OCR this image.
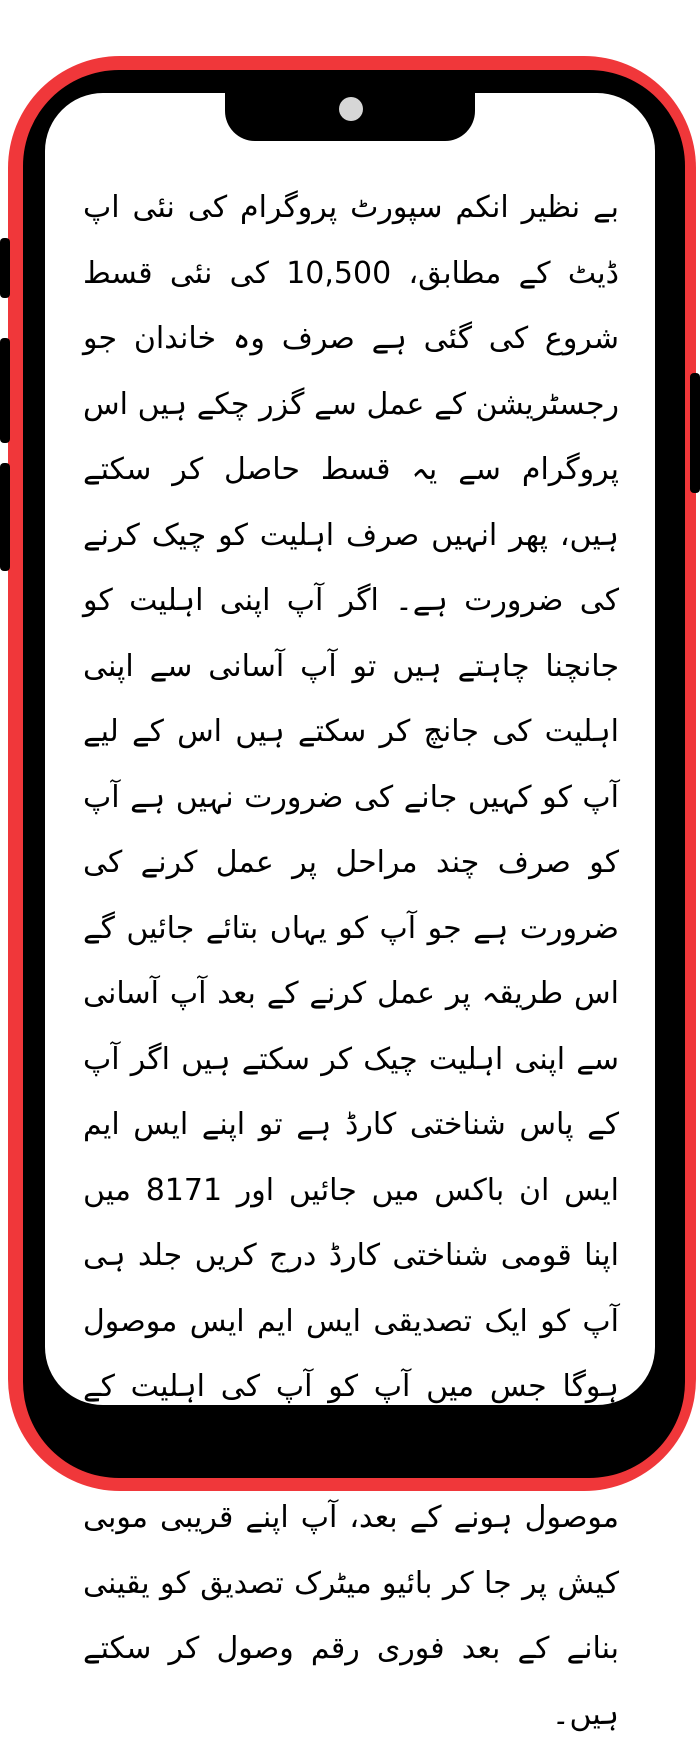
بے نظیر انکم سپورٹ پروگرام کی نئی اپ ڈیٹ کے مطابق، 10,500 کی نئی قسط شروع کی گئی ہے صرف وہ خاندان جو رجسٹریشن کے عمل سے گزر چکے ہیں اس پروگرام سے یہ قسط حاصل کر سکتے ہیں، پھر انہیں صرف اہلیت کو چیک کرنے کی ضرورت ہے۔ اگر آپ اپنی اہلیت کو جانچنا چاہتے ہیں تو آپ آسانی سے اپنی اہلیت کی جانچ کر سکتے ہیں اس کے لیے آپ کو کہیں جانے کی ضرورت نہیں ہے آپ کو صرف چند مراحل پر عمل کرنے کی ضرورت ہے جو آپ کو یہاں بتائے جائیں گے اس طریقہ پر عمل کرنے کے بعد آپ آسانی سے اپنی اہلیت چیک کر سکتے ہیں اگر آپ کے پاس شناختی کارڈ ہے تو اپنے ایس ایم ایس ان باکس میں جائیں اور 8171 میں اپنا قومی شناختی کارڈ درج کریں جلد ہی آپ کو ایک تصدیقی ایس ایم ایس موصول ہوگا جس میں آپ کو آپ کی اہلیت کے بارے میں آگاہ کیا جائے گا اہلیت کا پیغام موصول ہونے کے بعد، آپ اپنے قریبی موبی کیش پر جا کر بائیو میٹرک تصدیق کو یقینی بنانے کے بعد فوری رقم وصول کر سکتے ہیں۔
